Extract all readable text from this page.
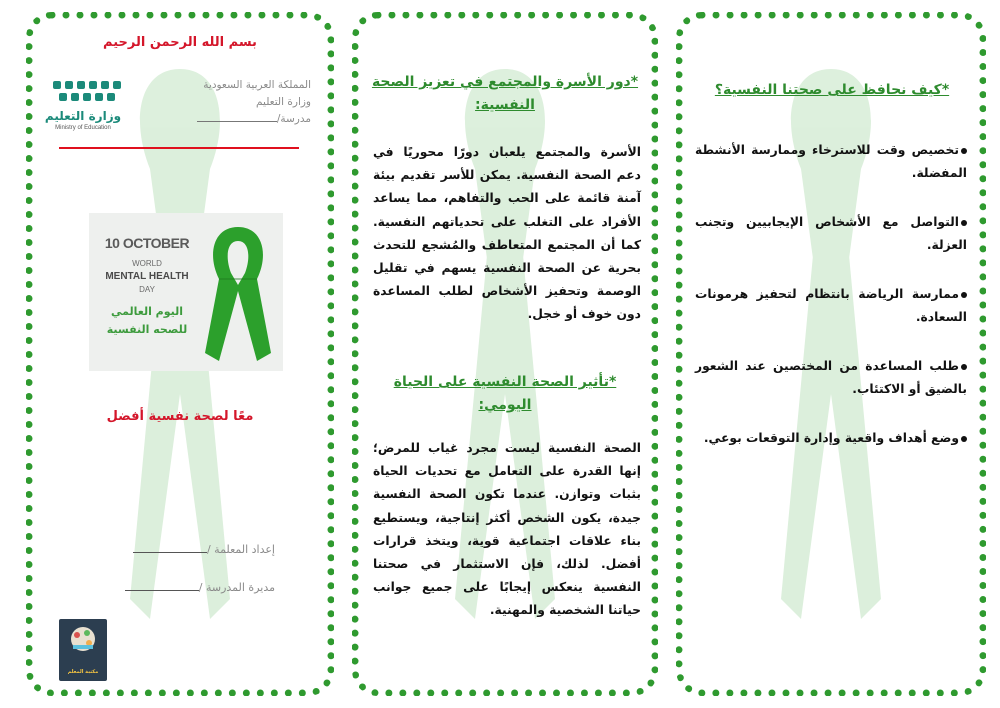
بسم الله الرحمن الرحيم
وزارة التعليم
Ministry of Education
المملكة العربية السعودية
وزارة التعليم
مدرسة/
10 OCTOBER
WORLD
MENTAL HEALTH
DAY
اليوم العالمي
للصحه النفسية
معًا لصحة نفسية أفضل
إعداد المعلمة /
مديرة المدرسة /
مكتبة المعلم
*دور الأسرة والمجتمع في تعزيز الصحة النفسية:
الأسرة والمجتمع يلعبان دورًا محوريًا في دعم الصحة النفسية. يمكن للأسر تقديم بيئة آمنة قائمة على الحب والتفاهم، مما يساعد الأفراد على التغلب على تحدياتهم النفسية. كما أن المجتمع المتعاطف والمُشجع للتحدث بحرية عن الصحة النفسية يسهم في تقليل الوصمة وتحفيز الأشخاص لطلب المساعدة دون خوف أو خجل.
*تأثير الصحة النفسية على الحياة اليومي:
الصحة النفسية ليست مجرد غياب للمرض؛ إنها القدرة على التعامل مع تحديات الحياة بثبات وتوازن. عندما تكون الصحة النفسية جيدة، يكون الشخص أكثر إنتاجية، ويستطيع بناء علاقات اجتماعية قوية، ويتخذ قرارات أفضل. لذلك، فإن الاستثمار في صحتنا النفسية ينعكس إيجابًا على جميع جوانب حياتنا الشخصية والمهنية.
*كيف نحافظ على صحتنا النفسية؟
تخصيص وقت للاسترخاء وممارسة الأنشطة المفضلة.
التواصل مع الأشخاص الإيجابيين وتجنب العزلة.
ممارسة الرياضة بانتظام لتحفيز هرمونات السعادة.
طلب المساعدة من المختصين عند الشعور بالضيق أو الاكتئاب.
وضع أهداف واقعية وإدارة التوقعات بوعي.
